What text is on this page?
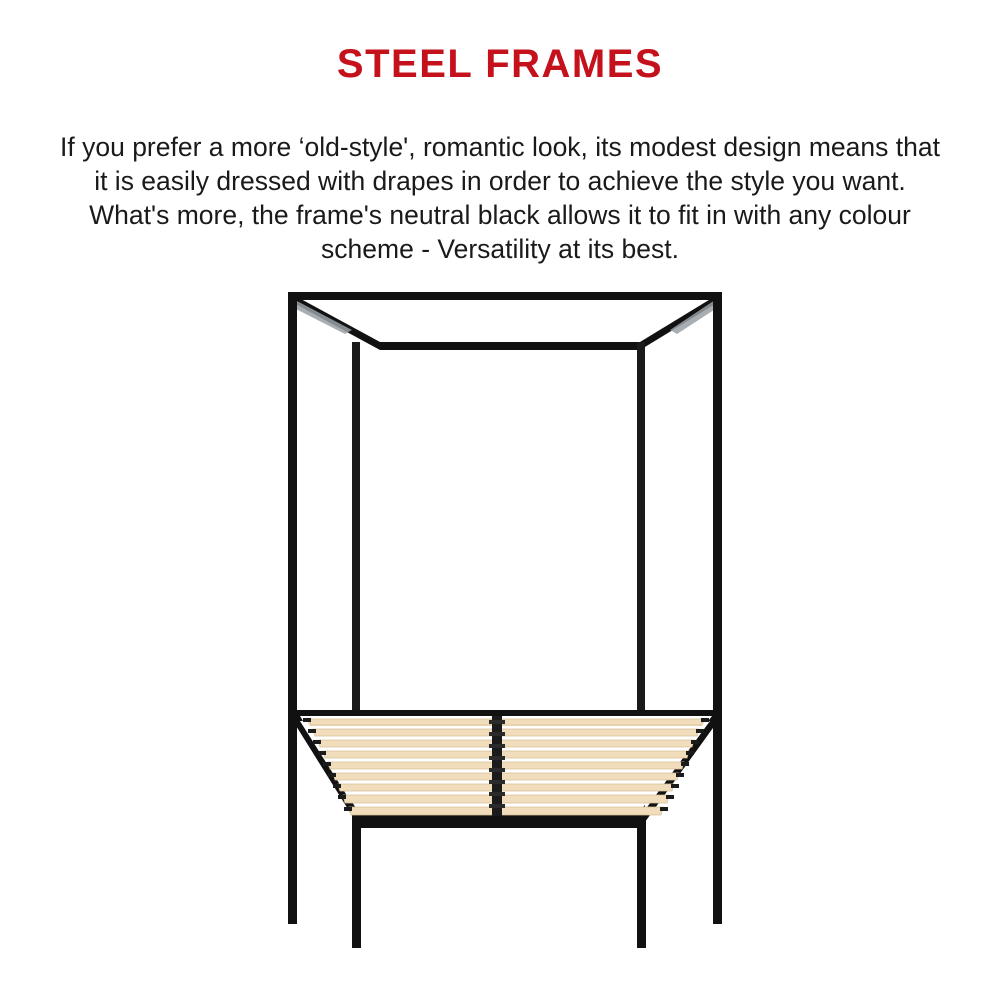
STEEL FRAMES

If you prefer a more ‘old-style', romantic look, its modest design means that it is easily dressed with drapes in order to achieve the style you want. What's more, the frame's neutral black allows it to fit in with any colour scheme - Versatility at its best.
